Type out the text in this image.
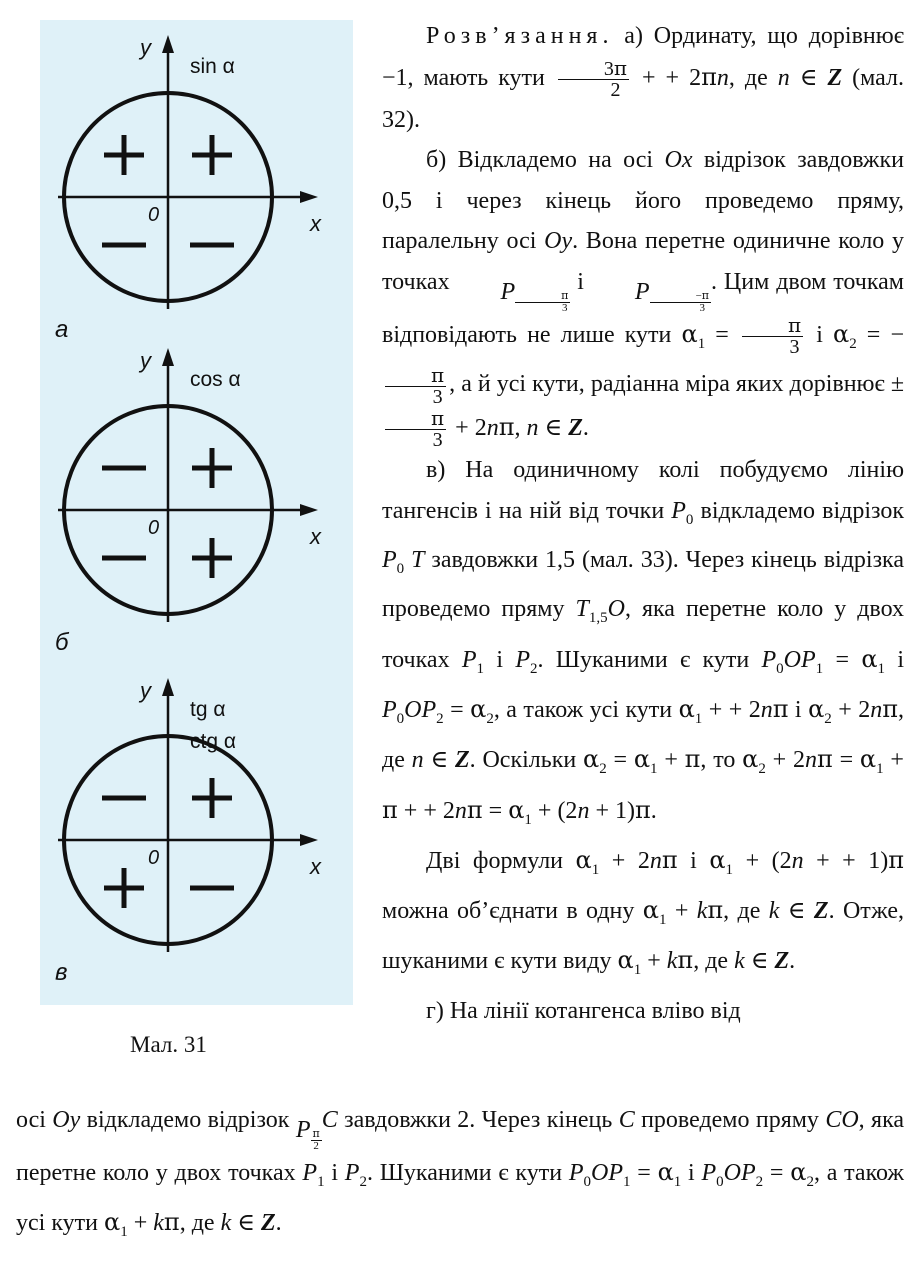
x
y
0
sin α
а
x
y
0
cos α
б
x
y
0
tg α
ctg α
в
Мал. 31

Розв’язання. а) Ординату, що дорівнює −1, мають кути $\frac{3\pi}{2}$ + + 2πn, де n ∈ Z (мал. 32).

б) Відкладемо на осі Ox відрізок завдовжки 0,5 і через кінець його проведемо пряму, паралельну осі Oy. Вона перетне одиничне коло у точках P $\frac{\pi}{3}$
і P $\frac{-\pi}{3}$
. Цим двом точкам відповідають не лише кути $\alpha_1 = \frac{\pi}{3}$ і $\alpha_2$ = −
$\frac{\pi}{3}$ , а й усі кути, радіанна міра яких дорівнює ±
$\frac{\pi}{3} + 2n\pi$, n ∈ Z.

в) На одиничному колі побудуємо лінію тангенсів і на ній від точки $P_0$ відкладемо відрізок $P_0$ T завдовжки 1,5 (мал. 33). Через кінець відрізка проведемо пряму $T_{1,5}O$, яка перетне коло у двох точках $P_1$ і $P_2$. Шуканими є кути $P_0OP_1 = \alpha_1$ і $P_0OP_2 = \alpha_2$, а також усі кути $\alpha_1$ + + 2nπ і $\alpha_2 + 2n\pi$, де n ∈ Z. Оскільки $\alpha_2 = \alpha_1 + \pi$, то $\alpha_2 + 2n\pi = \alpha_1 + \pi$ + + $2n\pi = \alpha_1 + (2n + 1)\pi$.

Дві формули $\alpha_1 + 2n\pi$ і $\alpha_1 + (2n$ + + 1)π можна об’єднати в одну $\alpha_1 + k\pi$, де k ∈ Z. Отже, шуканими є кути виду $\alpha_1 + k\pi$, де k ∈ Z.

г) На лінії котангенса вліво від

осі Oy відкладемо відрізок P $\frac{\pi}{2}$
C завдовжки 2. Через кінець C проведемо пряму CO, яка перетне коло у двох точках $P_1$ і $P_2$. Шуканими є кути $P_0OP_1 = \alpha_1$ і $P_0OP_2 = \alpha_2$, а також усі кути $\alpha_1 + k\pi$, де k ∈ Z.
